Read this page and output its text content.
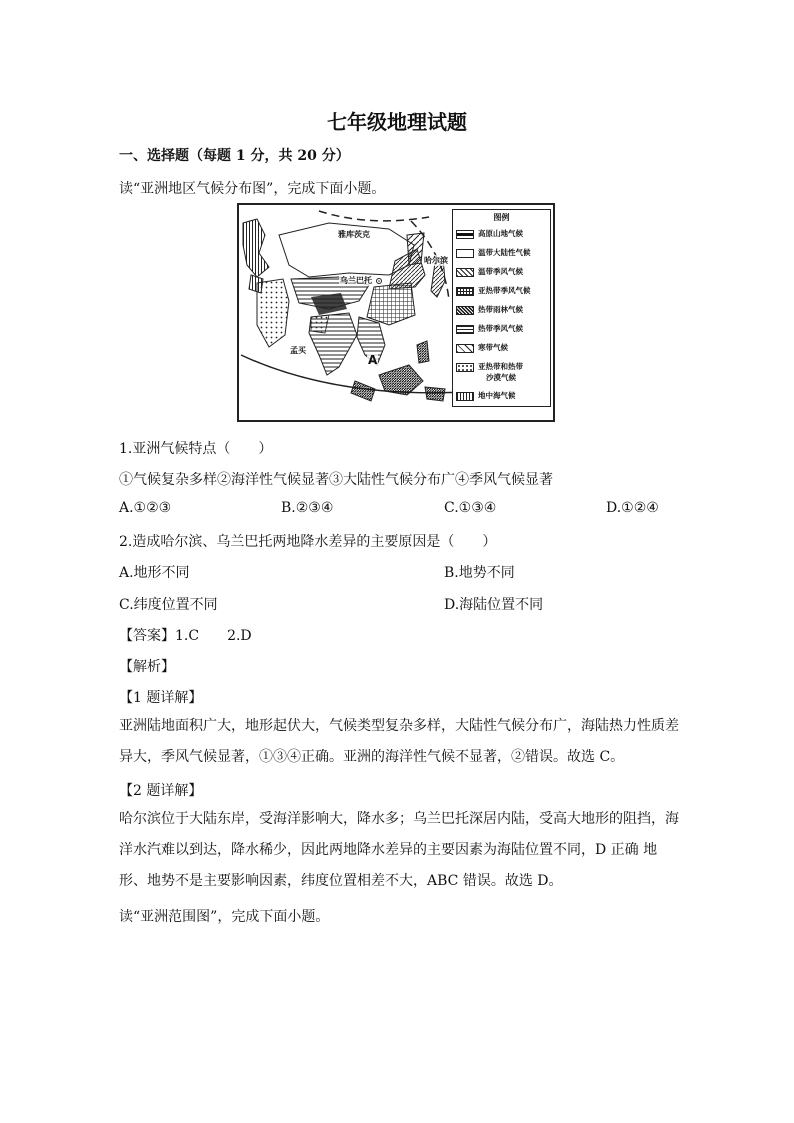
七年级地理试题
一、选择题（每题 1 分，共 20 分）
读“亚洲地区气候分布图”，完成下面小题。
雅库茨克
哈尔滨
乌兰巴托
孟买
A
图例
高原山地气候
温带大陆性气候
温带季风气候
亚热带季风气候
热带雨林气候
热带季风气候
寒带气候
亚热带和热带
沙漠气候
地中海气候
1.亚洲气候特点（　　）
①气候复杂多样②海洋性气候显著③大陆性气候分布广④季风气候显著
A.①②③	B.②③④	C.①③④	D.①②④
2.造成哈尔滨、乌兰巴托两地降水差异的主要原因是（　　）
A.地形不同	B.地势不同
C.纬度位置不同	D.海陆位置不同
【答案】1.C　　2.D
【解析】
【1 题详解】
亚洲陆地面积广大，地形起伏大，气候类型复杂多样，大陆性气候分布广，海陆热力性质差异大，季风气候显著，①③④正确。亚洲的海洋性气候不显著，②错误。故选 C。
【2 题详解】
哈尔滨位于大陆东岸，受海洋影响大，降水多；乌兰巴托深居内陆，受高大地形的阻挡，海洋水汽难以到达，降水稀少，因此两地降水差异的主要因素为海陆位置不同，D 正确 地形、地势不是主要影响因素，纬度位置相差不大，ABC 错误。故选 D。
读“亚洲范围图”，完成下面小题。
